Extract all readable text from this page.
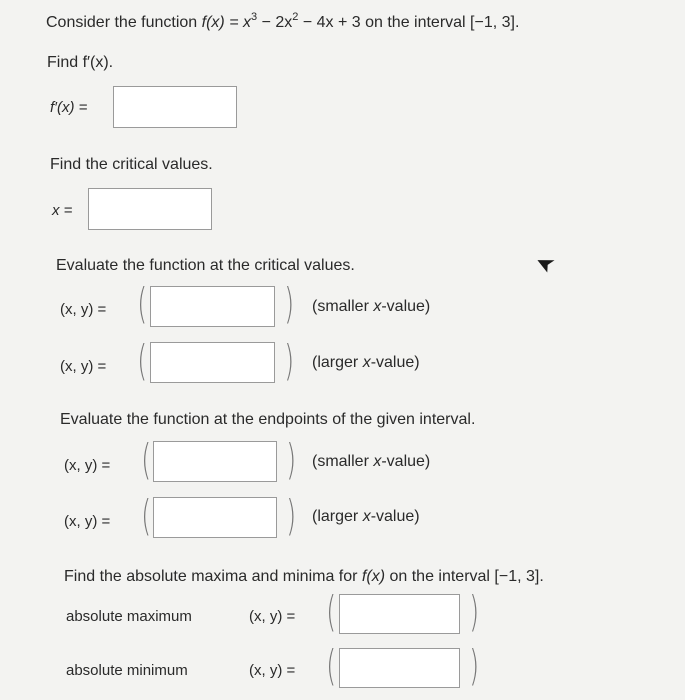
Consider the function $f(x) = x^3 - 2x^2 - 4x + 3$ on the interval [−1, 3].
Find f′(x).
f′(x) =
Find the critical values.
x =
Evaluate the function at the critical values.
(x, y) = (	) (smaller x-value)
(x, y) = (	) (larger x-value)
Evaluate the function at the endpoints of the given interval.
(x, y) = (	) (smaller x-value)
(x, y) = (	) (larger x-value)
Find the absolute maxima and minima for f(x) on the interval [−1, 3].
absolute maximum	(x, y) = (	)
absolute minimum	(x, y) = (	)
